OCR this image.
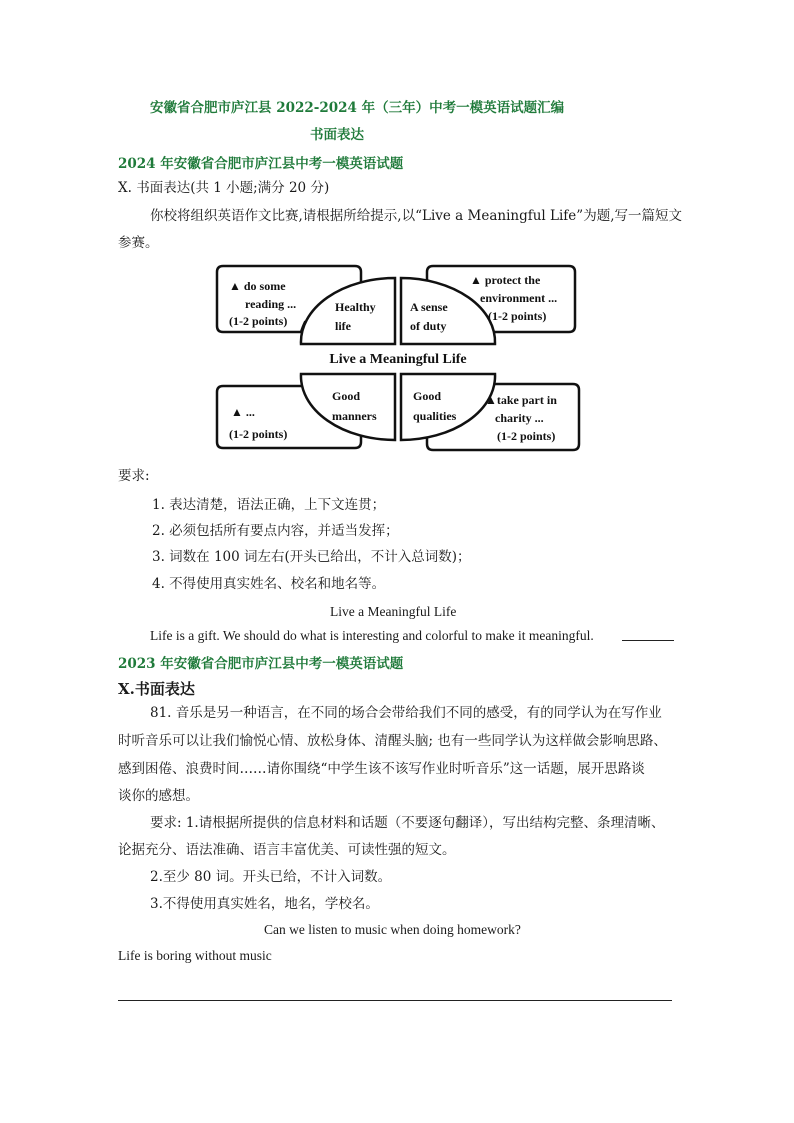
安徽省合肥市庐江县 2022-2024 年（三年）中考一模英语试题汇编
书面表达
2024 年安徽省合肥市庐江县中考一模英语试题
X. 书面表达(共 1 小题;满分 20 分)
你校将组织英语作文比赛,请根据所给提示,以“Live a Meaningful Life”为题,写一篇短文
参赛。
Live a Meaningful Life
Healthy
life
A sense
of duty
Good
manners
Good
qualities
▲ do some
reading ...
(1-2 points)
▲ protect the
environment ...
(1-2 points)
▲ ...
(1-2 points)
▲take part in
charity ...
(1-2 points)
要求:
1. 表达清楚，语法正确，上下文连贯；
2. 必须包括所有要点内容，并适当发挥；
3. 词数在 100 词左右(开头已给出，不计入总词数)；
4. 不得使用真实姓名、校名和地名等。
Live a Meaningful Life
Life is a gift. We should do what is interesting and colorful to make it meaningful.
2023 年安徽省合肥市庐江县中考一模英语试题
X.书面表达
81. 音乐是另一种语言，在不同的场合会带给我们不同的感受，有的同学认为在写作业
时听音乐可以让我们愉悦心情、放松身体、清醒头脑; 也有一些同学认为这样做会影响思路、
感到困倦、浪费时间……请你围绕“中学生该不该写作业时听音乐”这一话题，展开思路谈
谈你的感想。
要求: 1.请根据所提供的信息材料和话题（不要逐句翻译），写出结构完整、条理清晰、
论据充分、语法准确、语言丰富优美、可读性强的短文。
2.至少 80 词。开头已给，不计入词数。
3.不得使用真实姓名，地名，学校名。
Can we listen to music when doing homework?
Life is boring without music
